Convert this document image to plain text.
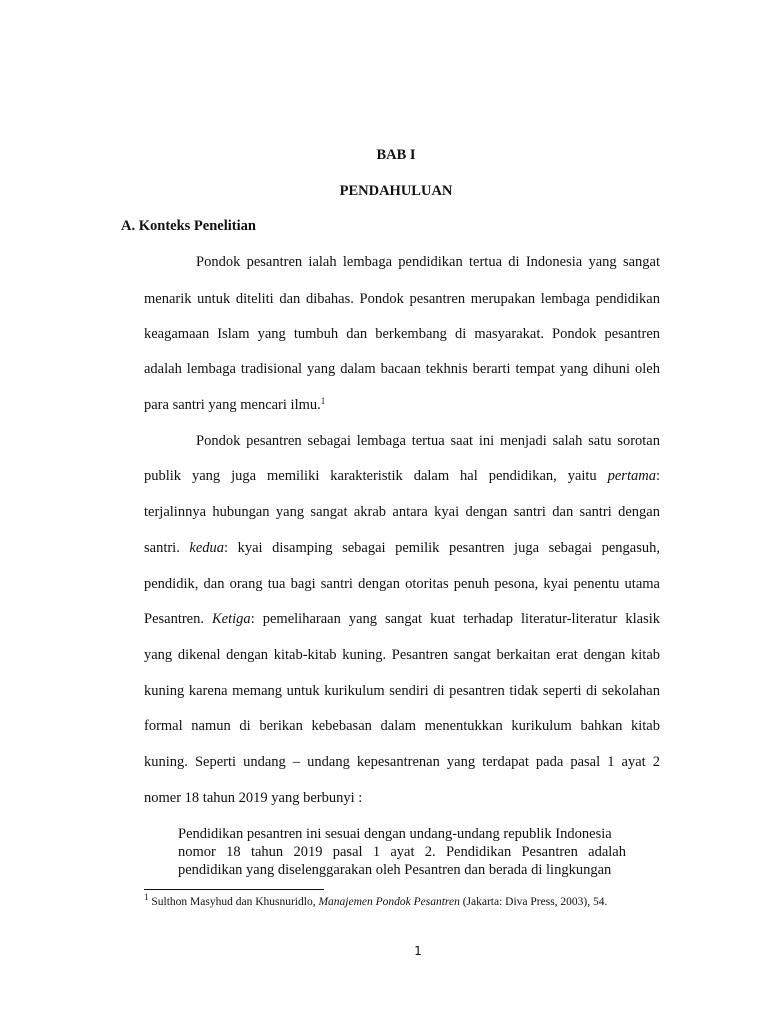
BAB I
PENDAHULUAN
A. Konteks Penelitian
Pondok pesantren ialah lembaga pendidikan tertua di Indonesia yang sangat
menarik untuk diteliti dan dibahas. Pondok pesantren merupakan lembaga pendidikan
keagamaan Islam yang tumbuh dan berkembang di masyarakat. Pondok pesantren
adalah lembaga tradisional yang dalam bacaan tekhnis berarti tempat yang dihuni oleh
para santri yang mencari ilmu.$^1$
Pondok pesantren sebagai lembaga tertua saat ini menjadi salah satu sorotan
publik yang juga memiliki karakteristik dalam hal pendidikan, yaitu pertama:
terjalinnya hubungan yang sangat akrab antara kyai dengan santri dan santri dengan
santri. kedua: kyai disamping sebagai pemilik pesantren juga sebagai pengasuh,
pendidik, dan orang tua bagi santri dengan otoritas penuh pesona, kyai penentu utama
Pesantren. Ketiga: pemeliharaan yang sangat kuat terhadap literatur-literatur klasik
yang dikenal dengan kitab-kitab kuning. Pesantren sangat berkaitan erat dengan kitab
kuning karena memang untuk kurikulum sendiri di pesantren tidak seperti di sekolahan
formal namun di berikan kebebasan dalam menentukkan kurikulum bahkan kitab
kuning. Seperti undang – undang kepesantrenan yang terdapat pada pasal 1 ayat 2
nomer 18 tahun 2019 yang berbunyi :
Pendidikan pesantren ini sesuai dengan undang-undang republik Indonesia
nomor 18 tahun 2019 pasal 1 ayat 2. Pendidikan Pesantren adalah
pendidikan yang diselenggarakan oleh Pesantren dan berada di lingkungan
$^1$ Sulthon Masyhud dan Khusnuridlo, Manajemen Pondok Pesantren (Jakarta: Diva Press, 2003), 54.
1
